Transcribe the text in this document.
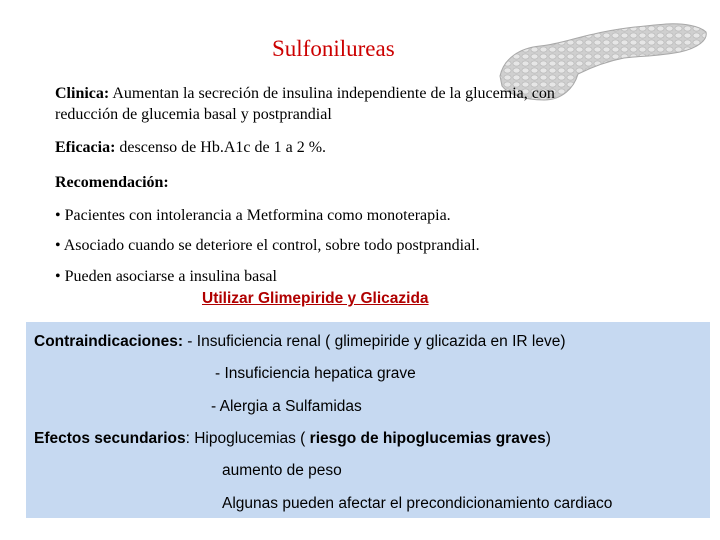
Sulfonilureas
Clinica: Aumentan la secreción de insulina independiente de la glucemia, con
reducción de glucemia basal y postprandial
Eficacia: descenso de Hb.A1c de 1 a 2 %.
Recomendación:
• Pacientes con intolerancia a Metformina como monoterapia.
• Asociado cuando se deteriore el control, sobre todo postprandial.
• Pueden asociarse a insulina basal
Utilizar Glimepiride y Glicazida
Contraindicaciones: - Insuficiencia renal ( glimepiride y glicazida en IR leve)
- Insuficiencia hepatica grave
- Alergia a Sulfamidas
Efectos secundarios: Hipoglucemias ( riesgo de hipoglucemias graves)
aumento de peso
Algunas pueden afectar el precondicionamiento cardiaco
